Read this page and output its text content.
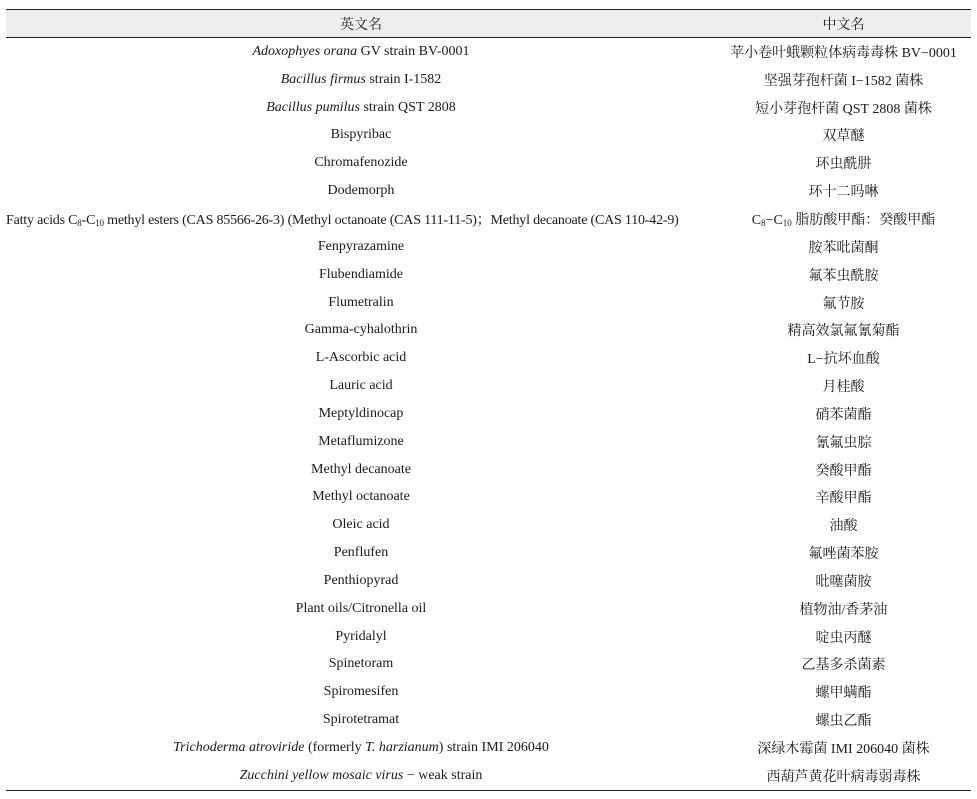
英文名	中文名
Adoxophyes orana GV strain BV-0001	苹小卷叶蛾颗粒体病毒毒株 BV−0001
Bacillus firmus strain I-1582	坚强芽孢杆菌 I−1582 菌株
Bacillus pumilus strain QST 2808	短小芽孢杆菌 QST 2808 菌株
Bispyribac	双草醚
Chromafenozide	环虫酰肼
Dodemorph	环十二吗啉
Fatty acids $C_8-C_{10}$ methyl esters (CAS 85566-26-3) (Methyl octanoate (CAS 111-11-5)；Methyl decanoate (CAS 110-42-9)	$C_8-C_{10}$ 脂肪酸甲酯：癸酸甲酯
Fenpyrazamine	胺苯吡菌酮
Flubendiamide	氟苯虫酰胺
Flumetralin	氟节胺
Gamma-cyhalothrin	精高效氯氟氰菊酯
L-Ascorbic acid	L−抗坏血酸
Lauric acid	月桂酸
Meptyldinocap	硝苯菌酯
Metaflumizone	氰氟虫腙
Methyl decanoate	癸酸甲酯
Methyl octanoate	辛酸甲酯
Oleic acid	油酸
Penflufen	氟唑菌苯胺
Penthiopyrad	吡噻菌胺
Plant oils/Citronella oil	植物油/香茅油
Pyridalyl	啶虫丙醚
Spinetoram	乙基多杀菌素
Spiromesifen	螺甲螨酯
Spirotetramat	螺虫乙酯
Trichoderma atroviride (formerly T. harzianum) strain IMI 206040	深绿木霉菌 IMI 206040 菌株
Zucchini yellow mosaic virus − weak strain	西葫芦黄花叶病毒弱毒株
